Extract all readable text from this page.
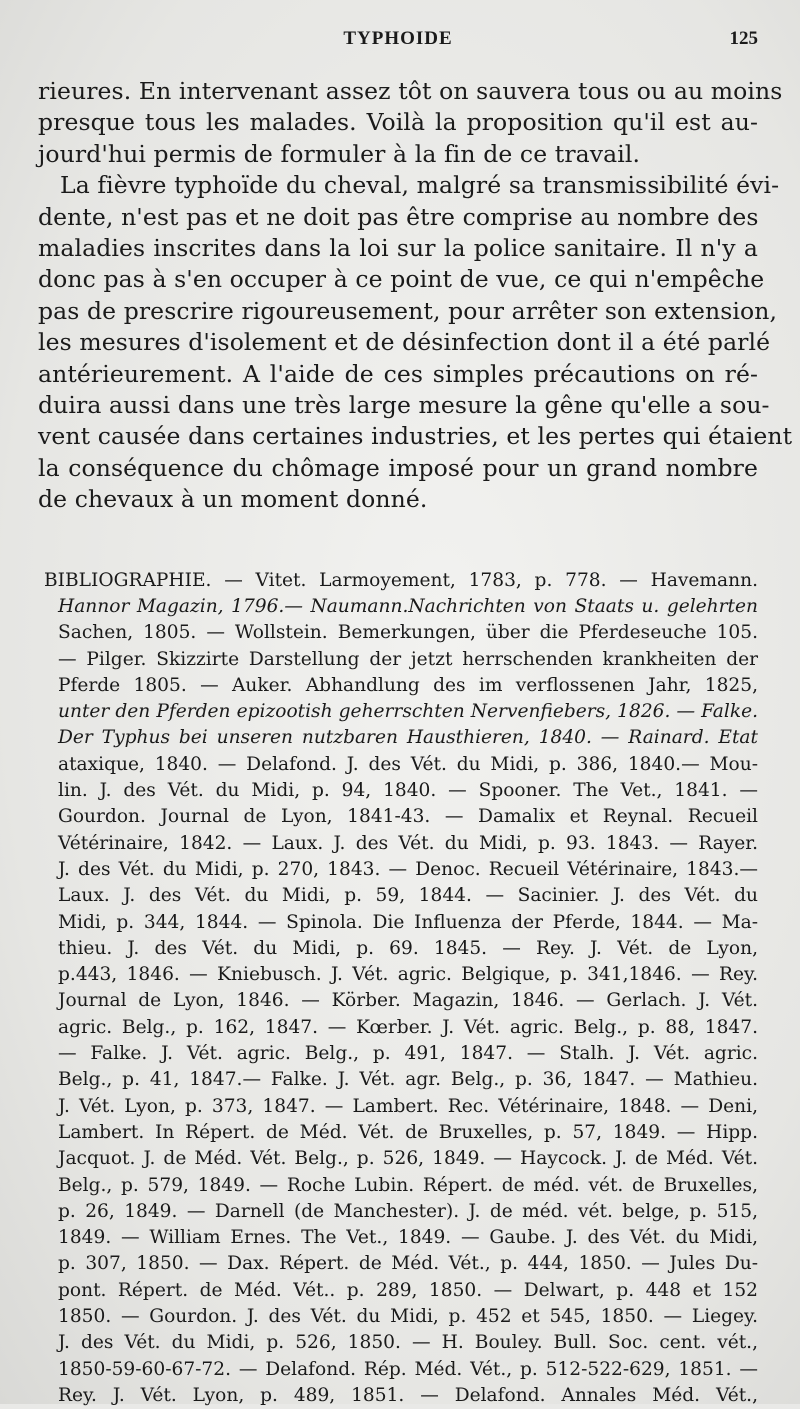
TYPHOIDE	125
rieures. En intervenant assez tôt on sauvera tous ou au moins
presque tous les malades. Voilà la proposition qu'il est au-
jourd'hui permis de formuler à la fin de ce travail.
La fièvre typhoïde du cheval, malgré sa transmissibilité évi-
dente, n'est pas et ne doit pas être comprise au nombre des
maladies inscrites dans la loi sur la police sanitaire. Il n'y a
donc pas à s'en occuper à ce point de vue, ce qui n'empêche
pas de prescrire rigoureusement, pour arrêter son extension,
les mesures d'isolement et de désinfection dont il a été parlé
antérieurement. A l'aide de ces simples précautions on ré-
duira aussi dans une très large mesure la gêne qu'elle a sou-
vent causée dans certaines industries, et les pertes qui étaient
la conséquence du chômage imposé pour un grand nombre
de chevaux à un moment donné.
BIBLIOGRAPHIE. — Vitet. Larmoyement, 1783, p. 778. — Havemann.
Hannor Magazin, 1796.— Naumann.Nachrichten von Staats u. gelehrten
Sachen, 1805. — Wollstein. Bemerkungen, über die Pferdeseuche 105.
— Pilger. Skizzirte Darstellung der jetzt herrschenden krankheiten der
Pferde 1805. — Auker. Abhandlung des im verflossenen Jahr, 1825,
unter den Pferden epizootish geherrschten Nervenfiebers, 1826. — Falke.
Der Typhus bei unseren nutzbaren Hausthieren, 1840. — Rainard. Etat
ataxique, 1840. — Delafond. J. des Vét. du Midi, p. 386, 1840.— Mou-
lin. J. des Vét. du Midi, p. 94, 1840. — Spooner. The Vet., 1841. —
Gourdon. Journal de Lyon, 1841-43. — Damalix et Reynal. Recueil
Vétérinaire, 1842. — Laux. J. des Vét. du Midi, p. 93. 1843. — Rayer.
J. des Vét. du Midi, p. 270, 1843. — Denoc. Recueil Vétérinaire, 1843.—
Laux. J. des Vét. du Midi, p. 59, 1844. — Sacinier. J. des Vét. du
Midi, p. 344, 1844. — Spinola. Die Influenza der Pferde, 1844. — Ma-
thieu. J. des Vét. du Midi, p. 69. 1845. — Rey. J. Vét. de Lyon,
p.443, 1846. — Kniebusch. J. Vét. agric. Belgique, p. 341,1846. — Rey.
Journal de Lyon, 1846. — Körber. Magazin, 1846. — Gerlach. J. Vét.
agric. Belg., p. 162, 1847. — Kœrber. J. Vét. agric. Belg., p. 88, 1847.
— Falke. J. Vét. agric. Belg., p. 491, 1847. — Stalh. J. Vét. agric.
Belg., p. 41, 1847.— Falke. J. Vét. agr. Belg., p. 36, 1847. — Mathieu.
J. Vét. Lyon, p. 373, 1847. — Lambert. Rec. Vétérinaire, 1848. — Deni,
Lambert. In Répert. de Méd. Vét. de Bruxelles, p. 57, 1849. — Hipp.
Jacquot. J. de Méd. Vét. Belg., p. 526, 1849. — Haycock. J. de Méd. Vét.
Belg., p. 579, 1849. — Roche Lubin. Répert. de méd. vét. de Bruxelles,
p. 26, 1849. — Darnell (de Manchester). J. de méd. vét. belge, p. 515,
1849. — William Ernes. The Vet., 1849. — Gaube. J. des Vét. du Midi,
p. 307, 1850. — Dax. Répert. de Méd. Vét., p. 444, 1850. — Jules Du-
pont. Répert. de Méd. Vét.. p. 289, 1850. — Delwart, p. 448 et 152
1850. — Gourdon. J. des Vét. du Midi, p. 452 et 545, 1850. — Liegey.
J. des Vét. du Midi, p. 526, 1850. — H. Bouley. Bull. Soc. cent. vét.,
1850-59-60-67-72. — Delafond. Rép. Méd. Vét., p. 512-522-629, 1851. —
Rey. J. Vét. Lyon, p. 489, 1851. — Delafond. Annales Méd. Vét.,
